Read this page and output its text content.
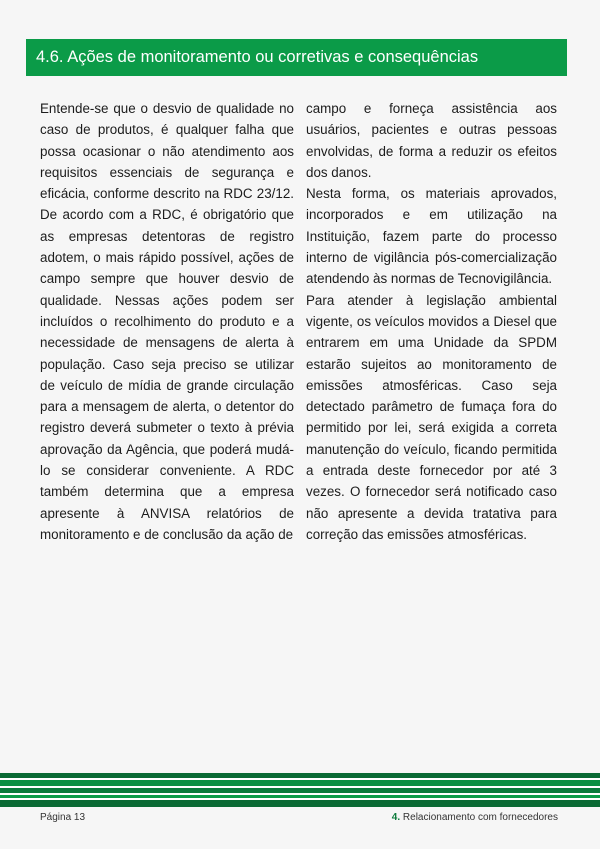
4.6. Ações de monitoramento ou corretivas e consequências

Entende-se que o desvio de qualidade no caso de produtos, é qualquer falha que possa ocasionar o não atendimento aos requisitos essenciais de segurança e eficácia, conforme descrito na RDC 23/12. De acordo com a RDC, é obrigatório que as empresas detentoras de registro adotem, o mais rápido possível, ações de campo sempre que houver desvio de qualidade. Nessas ações podem ser incluídos o recolhimento do produto e a necessidade de mensagens de alerta à população. Caso seja preciso se utilizar de veículo de mídia de grande circulação para a mensagem de alerta, o detentor do registro deverá submeter o texto à prévia aprovação da Agência, que poderá mudá-lo se considerar conveniente. A RDC também determina que a empresa apresente à ANVISA relatórios de monitoramento e de conclusão da ação de

campo e forneça assistência aos usuários, pacientes e outras pessoas envolvidas, de forma a reduzir os efeitos dos danos.

Nesta forma, os materiais aprovados, incorporados e em utilização na Instituição, fazem parte do processo interno de vigilância pós-comercialização atendendo às normas de Tecnovigilância.

Para atender à legislação ambiental vigente, os veículos movidos a Diesel que entrarem em uma Unidade da SPDM estarão sujeitos ao monitoramento de emissões atmosféricas. Caso seja detectado parâmetro de fumaça fora do permitido por lei, será exigida a correta manutenção do veículo, ficando permitida a entrada deste fornecedor por até 3 vezes. O fornecedor será notificado caso não apresente a devida tratativa para correção das emissões atmosféricas.

Página 13	4. Relacionamento com fornecedores
